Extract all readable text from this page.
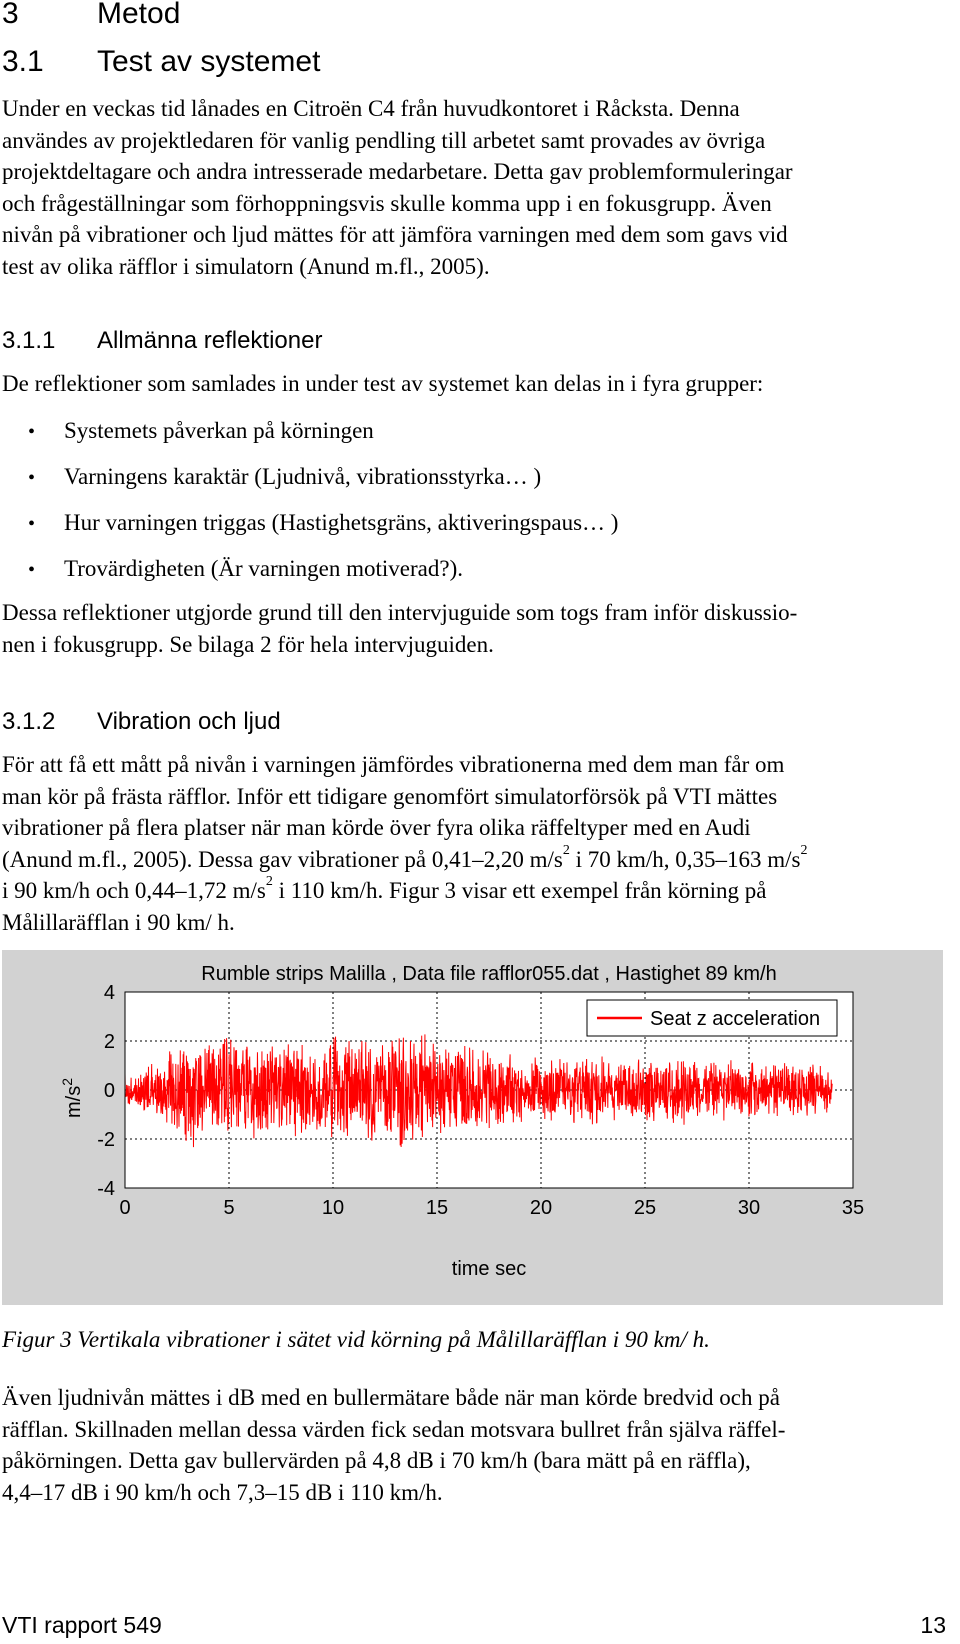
3	Metod
3.1 Test av systemet
Under en veckas tid lånades en Citroën C4 från huvudkontoret i Råcksta. Denna
användes av projektledaren för vanlig pendling till arbetet samt provades av övriga
projektdeltagare och andra intresserade medarbetare. Detta gav problemformuleringar
och frågeställningar som förhoppningsvis skulle komma upp i en fokusgrupp. Även
nivån på vibrationer och ljud mättes för att jämföra varningen med dem som gavs vid
test av olika räfflor i simulatorn (Anund m.fl., 2005).
3.1.1 Allmänna reflektioner
De reflektioner som samlades in under test av systemet kan delas in i fyra grupper:
• Systemets påverkan på körningen
• Varningens karaktär (Ljudnivå, vibrationsstyrka… )
• Hur varningen triggas (Hastighetsgräns, aktiveringspaus… )
• Trovärdigheten (Är varningen motiverad?).
Dessa reflektioner utgjorde grund till den intervjuguide som togs fram inför diskussio-
nen i fokusgrupp. Se bilaga 2 för hela intervjuguiden.
3.1.2 Vibration och ljud
För att få ett mått på nivån i varningen jämfördes vibrationerna med dem man får om
man kör på frästa räfflor. Inför ett tidigare genomfört simulatorförsök på VTI mättes
vibrationer på flera platser när man körde över fyra olika räffeltyper med en Audi
(Anund m.fl., 2005). Dessa gav vibrationer på 0,41–2,20 $m/s^2$ i 70 km/h, 0,35–163 $m/s^2$
i 90 km/h och 0,44–1,72 $m/s^2$ i 110 km/h. Figur 3 visar ett exempel från körning på
Målillaräfflan i 90 km/ h.
Rumble strips Malilla , Data file rafflor055.dat , Hastighet 89 km/h
0	5	10	15	20	25	30	35
4
2
0
-2
-4
Seat z acceleration
$m/s^2$
time sec
Figur 3 Vertikala vibrationer i sätet vid körning på Målillaräfflan i 90 km/ h.
Även ljudnivån mättes i dB med en bullermätare både när man körde bredvid och på
räfflan. Skillnaden mellan dessa värden fick sedan motsvara bullret från själva räffel-
påkörningen. Detta gav bullervärden på 4,8 dB i 70 km/h (bara mätt på en räffla),
4,4–17 dB i 90 km/h och 7,3–15 dB i 110 km/h.
VTI rapport 549	13
